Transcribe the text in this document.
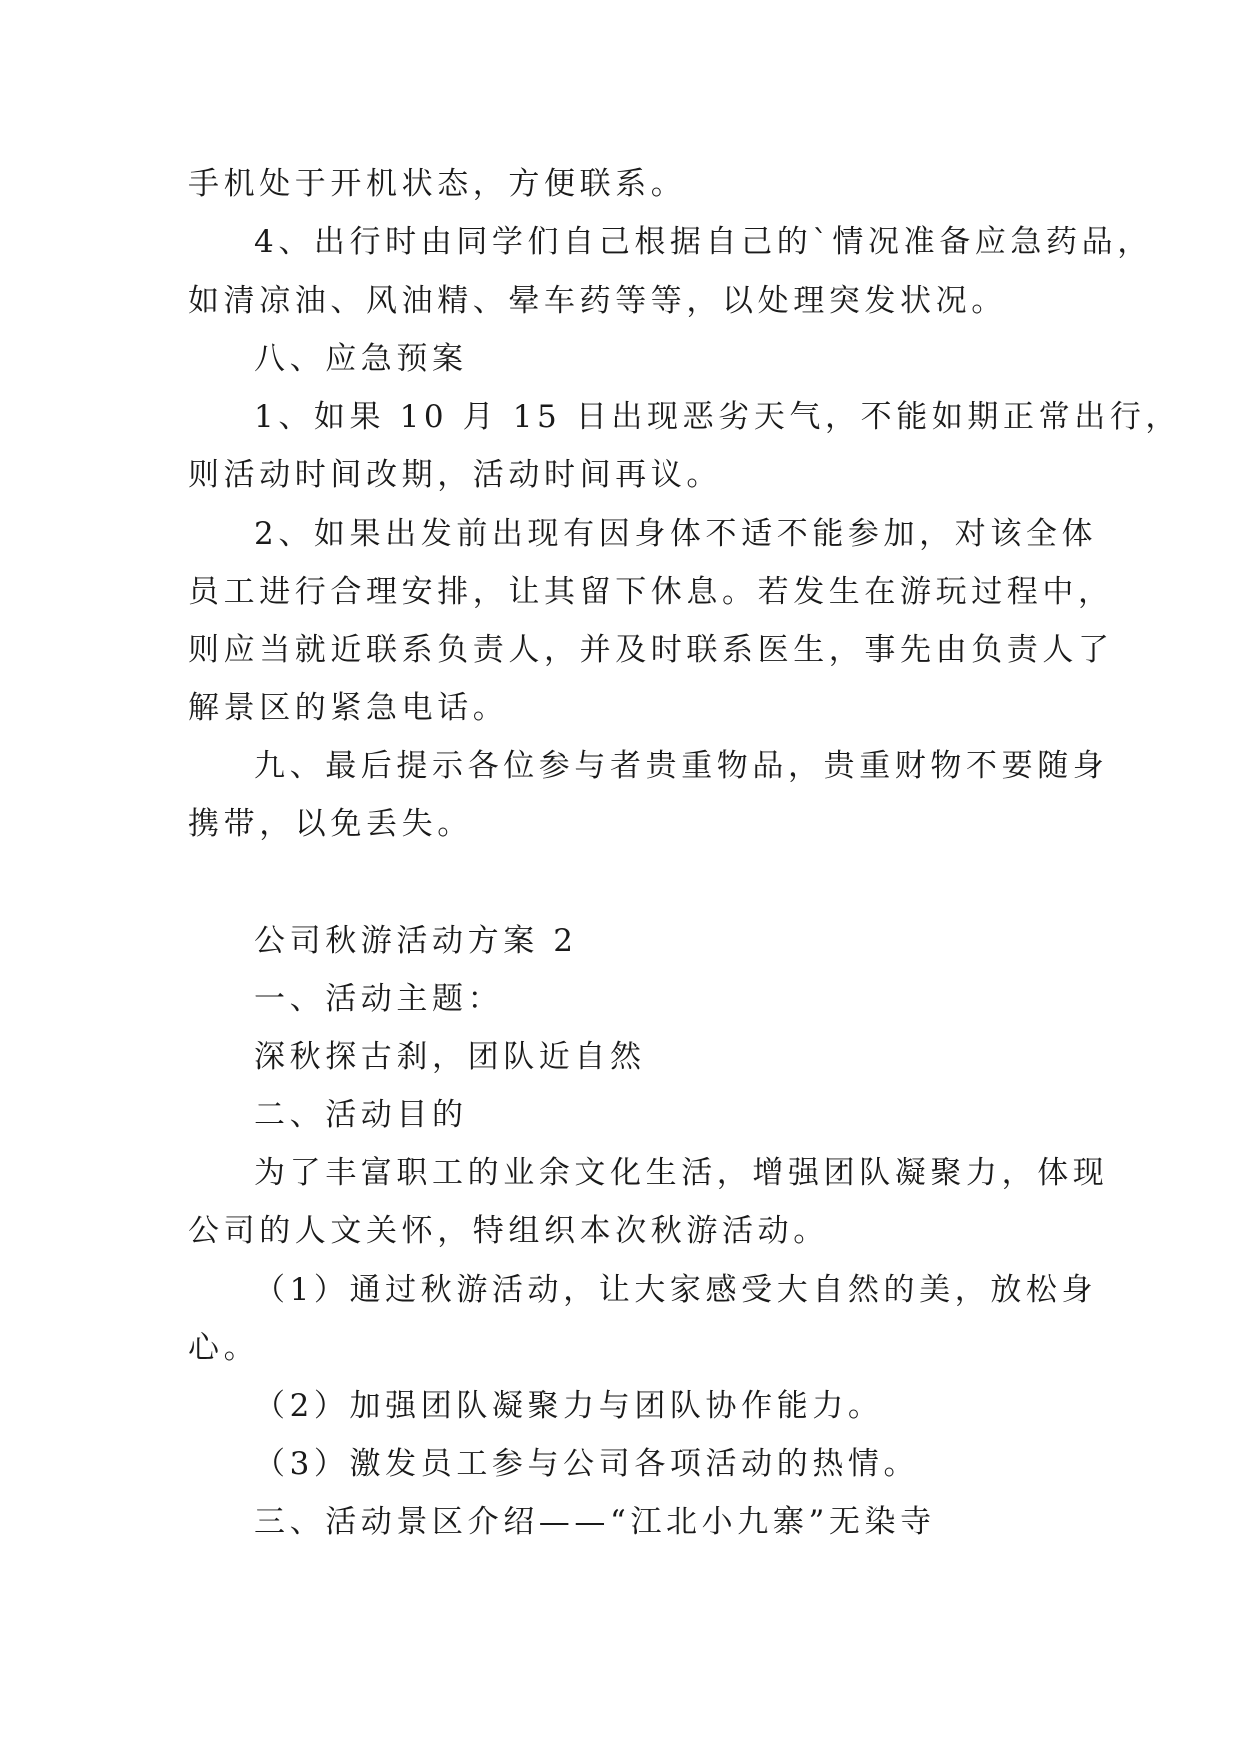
手机处于开机状态，方便联系。
4、出行时由同学们自己根据自己的`情况准备应急药品，
如清凉油、风油精、晕车药等等，以处理突发状况。
八、应急预案
1、如果 10 月 15 日出现恶劣天气，不能如期正常出行，
则活动时间改期，活动时间再议。
2、如果出发前出现有因身体不适不能参加，对该全体
员工进行合理安排，让其留下休息。若发生在游玩过程中，
则应当就近联系负责人，并及时联系医生，事先由负责人了
解景区的紧急电话。
九、最后提示各位参与者贵重物品，贵重财物不要随身
携带，以免丢失。
公司秋游活动方案 2
一、活动主题：
深秋探古刹，团队近自然
二、活动目的
为了丰富职工的业余文化生活，增强团队凝聚力，体现
公司的人文关怀，特组织本次秋游活动。
（1）通过秋游活动，让大家感受大自然的美，放松身
心。
（2）加强团队凝聚力与团队协作能力。
（3）激发员工参与公司各项活动的热情。
三、活动景区介绍——“江北小九寨”无染寺
